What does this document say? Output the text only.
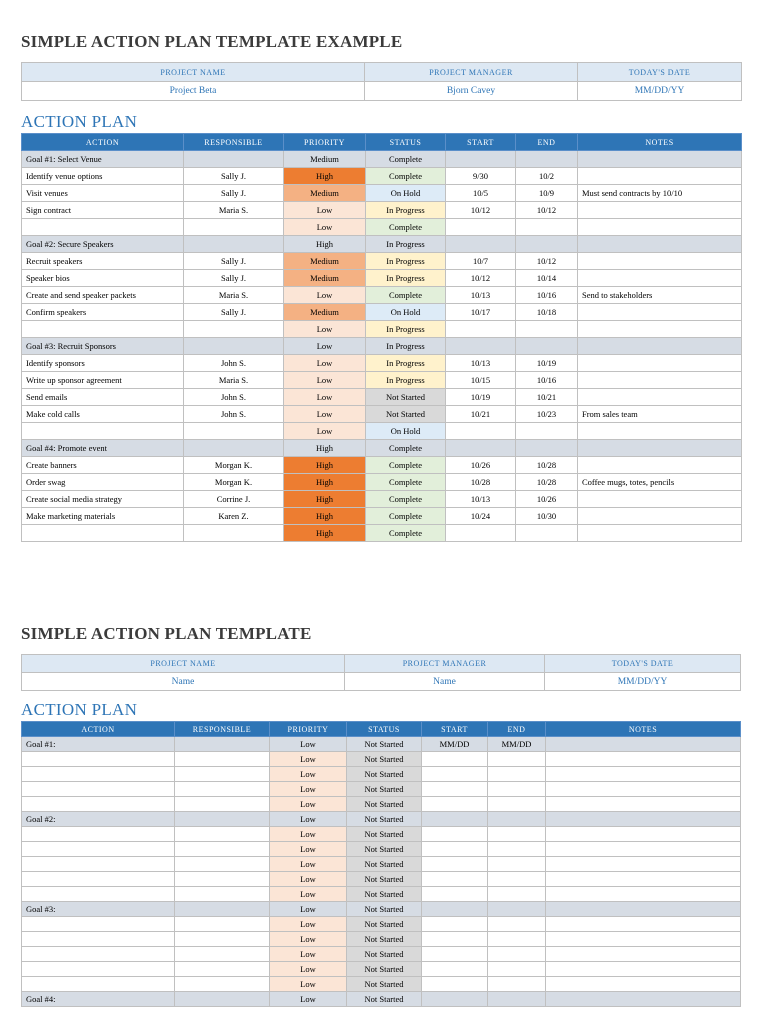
SIMPLE ACTION PLAN TEMPLATE EXAMPLE
PROJECT NAME	PROJECT MANAGER	TODAY'S DATE
Project Beta	Bjorn Cavey	MM/DD/YY
ACTION PLAN
ACTION	RESPONSIBLE	PRIORITY	STATUS	START	END	NOTES
Goal #1: Select Venue		Medium	Complete			
Identify venue options	Sally J.	High	Complete	9/30	10/2	
Visit venues	Sally J.	Medium	On Hold	10/5	10/9	Must send contracts by 10/10
Sign contract	Maria S.	Low	In Progress	10/12	10/12	
		Low	Complete			
Goal #2: Secure Speakers		High	In Progress			
Recruit speakers	Sally J.	Medium	In Progress	10/7	10/12	
Speaker bios	Sally J.	Medium	In Progress	10/12	10/14	
Create and send speaker packets	Maria S.	Low	Complete	10/13	10/16	Send to stakeholders
Confirm speakers	Sally J.	Medium	On Hold	10/17	10/18	
		Low	In Progress			
Goal #3: Recruit Sponsors		Low	In Progress			
Identify sponsors	John S.	Low	In Progress	10/13	10/19	
Write up sponsor agreement	Maria S.	Low	In Progress	10/15	10/16	
Send emails	John S.	Low	Not Started	10/19	10/21	
Make cold calls	John S.	Low	Not Started	10/21	10/23	From sales team
		Low	On Hold			
Goal #4: Promote event		High	Complete			
Create banners	Morgan K.	High	Complete	10/26	10/28	
Order swag	Morgan K.	High	Complete	10/28	10/28	Coffee mugs, totes, pencils
Create social media strategy	Corrine J.	High	Complete	10/13	10/26	
Make marketing materials	Karen Z.	High	Complete	10/24	10/30	
		High	Complete			
SIMPLE ACTION PLAN TEMPLATE
PROJECT NAME	PROJECT MANAGER	TODAY'S DATE
Name	Name	MM/DD/YY
ACTION PLAN
ACTION	RESPONSIBLE	PRIORITY	STATUS	START	END	NOTES
Goal #1:		Low	Not Started	MM/DD	MM/DD	
		Low	Not Started			
		Low	Not Started			
		Low	Not Started			
		Low	Not Started			
Goal #2:		Low	Not Started			
		Low	Not Started			
		Low	Not Started			
		Low	Not Started			
		Low	Not Started			
		Low	Not Started			
Goal #3:		Low	Not Started			
		Low	Not Started			
		Low	Not Started			
		Low	Not Started			
		Low	Not Started			
		Low	Not Started			
Goal #4:		Low	Not Started			
